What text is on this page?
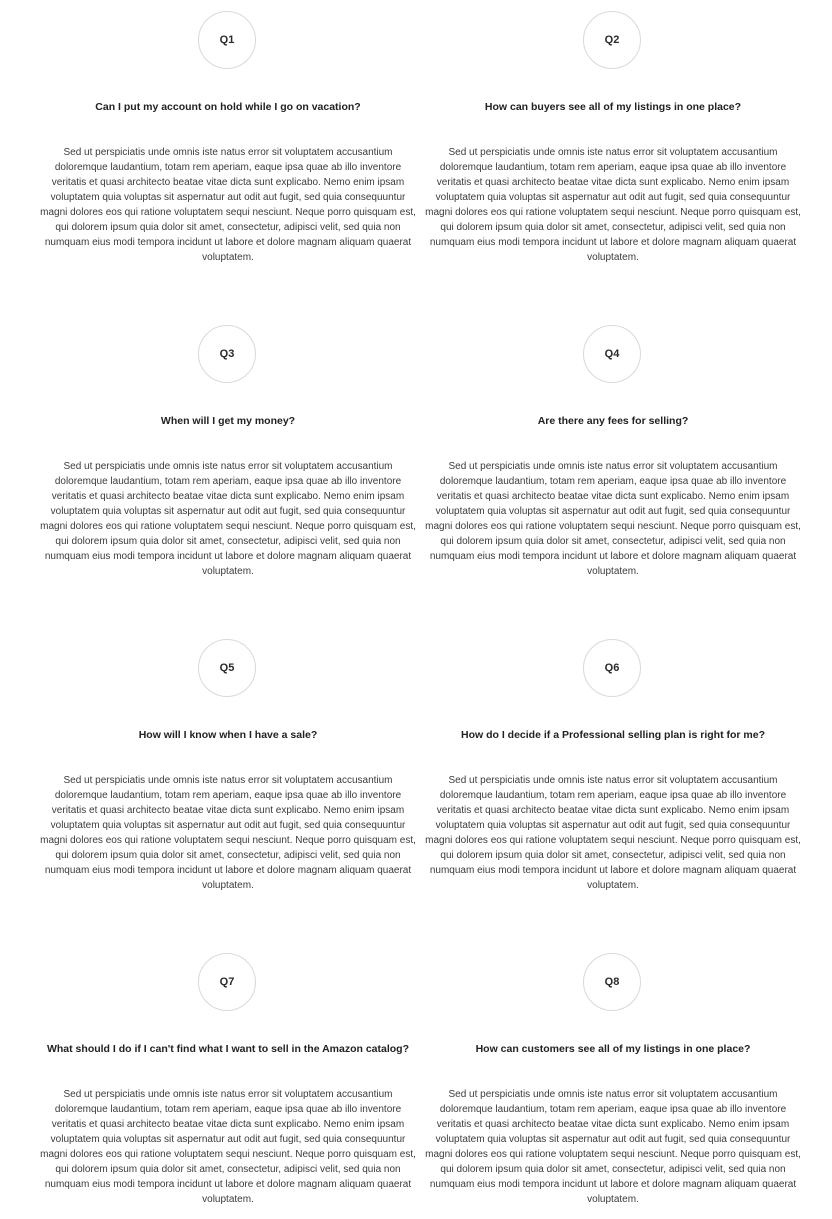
Q1
Can I put my account on hold while I go on vacation?

Sed ut perspiciatis unde omnis iste natus error sit voluptatem accusantium doloremque laudantium, totam rem aperiam, eaque ipsa quae ab illo inventore veritatis et quasi architecto beatae vitae dicta sunt explicabo. Nemo enim ipsam voluptatem quia voluptas sit aspernatur aut odit aut fugit, sed quia consequuntur magni dolores eos qui ratione voluptatem sequi nesciunt. Neque porro quisquam est, qui dolorem ipsum quia dolor sit amet, consectetur, adipisci velit, sed quia non numquam eius modi tempora incidunt ut labore et dolore magnam aliquam quaerat voluptatem.

Q2
How can buyers see all of my listings in one place?

Sed ut perspiciatis unde omnis iste natus error sit voluptatem accusantium doloremque laudantium, totam rem aperiam, eaque ipsa quae ab illo inventore veritatis et quasi architecto beatae vitae dicta sunt explicabo. Nemo enim ipsam voluptatem quia voluptas sit aspernatur aut odit aut fugit, sed quia consequuntur magni dolores eos qui ratione voluptatem sequi nesciunt. Neque porro quisquam est, qui dolorem ipsum quia dolor sit amet, consectetur, adipisci velit, sed quia non numquam eius modi tempora incidunt ut labore et dolore magnam aliquam quaerat voluptatem.

Q3
When will I get my money?

Sed ut perspiciatis unde omnis iste natus error sit voluptatem accusantium doloremque laudantium, totam rem aperiam, eaque ipsa quae ab illo inventore veritatis et quasi architecto beatae vitae dicta sunt explicabo. Nemo enim ipsam voluptatem quia voluptas sit aspernatur aut odit aut fugit, sed quia consequuntur magni dolores eos qui ratione voluptatem sequi nesciunt. Neque porro quisquam est, qui dolorem ipsum quia dolor sit amet, consectetur, adipisci velit, sed quia non numquam eius modi tempora incidunt ut labore et dolore magnam aliquam quaerat voluptatem.

Q4
Are there any fees for selling?

Sed ut perspiciatis unde omnis iste natus error sit voluptatem accusantium doloremque laudantium, totam rem aperiam, eaque ipsa quae ab illo inventore veritatis et quasi architecto beatae vitae dicta sunt explicabo. Nemo enim ipsam voluptatem quia voluptas sit aspernatur aut odit aut fugit, sed quia consequuntur magni dolores eos qui ratione voluptatem sequi nesciunt. Neque porro quisquam est, qui dolorem ipsum quia dolor sit amet, consectetur, adipisci velit, sed quia non numquam eius modi tempora incidunt ut labore et dolore magnam aliquam quaerat voluptatem.

Q5
How will I know when I have a sale?

Sed ut perspiciatis unde omnis iste natus error sit voluptatem accusantium doloremque laudantium, totam rem aperiam, eaque ipsa quae ab illo inventore veritatis et quasi architecto beatae vitae dicta sunt explicabo. Nemo enim ipsam voluptatem quia voluptas sit aspernatur aut odit aut fugit, sed quia consequuntur magni dolores eos qui ratione voluptatem sequi nesciunt. Neque porro quisquam est, qui dolorem ipsum quia dolor sit amet, consectetur, adipisci velit, sed quia non numquam eius modi tempora incidunt ut labore et dolore magnam aliquam quaerat voluptatem.

Q6
How do I decide if a Professional selling plan is right for me?

Sed ut perspiciatis unde omnis iste natus error sit voluptatem accusantium doloremque laudantium, totam rem aperiam, eaque ipsa quae ab illo inventore veritatis et quasi architecto beatae vitae dicta sunt explicabo. Nemo enim ipsam voluptatem quia voluptas sit aspernatur aut odit aut fugit, sed quia consequuntur magni dolores eos qui ratione voluptatem sequi nesciunt. Neque porro quisquam est, qui dolorem ipsum quia dolor sit amet, consectetur, adipisci velit, sed quia non numquam eius modi tempora incidunt ut labore et dolore magnam aliquam quaerat voluptatem.

Q7
What should I do if I can't find what I want to sell in the Amazon catalog?

Sed ut perspiciatis unde omnis iste natus error sit voluptatem accusantium doloremque laudantium, totam rem aperiam, eaque ipsa quae ab illo inventore veritatis et quasi architecto beatae vitae dicta sunt explicabo. Nemo enim ipsam voluptatem quia voluptas sit aspernatur aut odit aut fugit, sed quia consequuntur magni dolores eos qui ratione voluptatem sequi nesciunt. Neque porro quisquam est, qui dolorem ipsum quia dolor sit amet, consectetur, adipisci velit, sed quia non numquam eius modi tempora incidunt ut labore et dolore magnam aliquam quaerat voluptatem.

Q8
How can customers see all of my listings in one place?

Sed ut perspiciatis unde omnis iste natus error sit voluptatem accusantium doloremque laudantium, totam rem aperiam, eaque ipsa quae ab illo inventore veritatis et quasi architecto beatae vitae dicta sunt explicabo. Nemo enim ipsam voluptatem quia voluptas sit aspernatur aut odit aut fugit, sed quia consequuntur magni dolores eos qui ratione voluptatem sequi nesciunt. Neque porro quisquam est, qui dolorem ipsum quia dolor sit amet, consectetur, adipisci velit, sed quia non numquam eius modi tempora incidunt ut labore et dolore magnam aliquam quaerat voluptatem.
